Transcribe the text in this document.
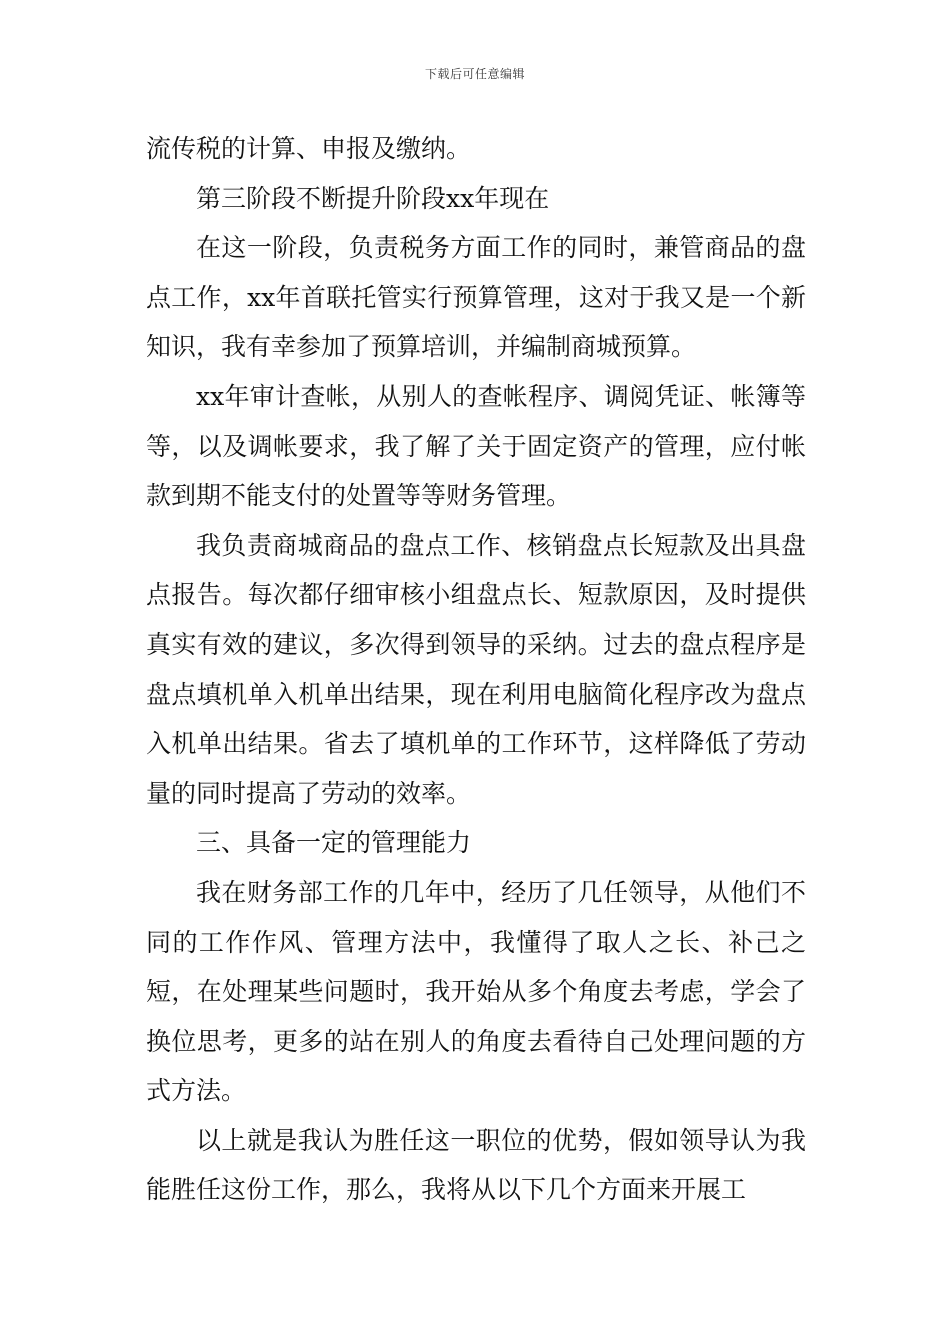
下载后可任意编辑

流传税的计算、申报及缴纳。

第三阶段不断提升阶段xx年现在

在这一阶段，负责税务方面工作的同时，兼管商品的盘点工作，xx年首联托管实行预算管理，这对于我又是一个新知识，我有幸参加了预算培训，并编制商城预算。

xx年审计查帐，从别人的查帐程序、调阅凭证、帐簿等等，以及调帐要求，我了解了关于固定资产的管理，应付帐款到期不能支付的处置等等财务管理。

我负责商城商品的盘点工作、核销盘点长短款及出具盘点报告。每次都仔细审核小组盘点长、短款原因，及时提供真实有效的建议，多次得到领导的采纳。过去的盘点程序是盘点填机单入机单出结果，现在利用电脑简化程序改为盘点入机单出结果。省去了填机单的工作环节，这样降低了劳动量的同时提高了劳动的效率。

三、具备一定的管理能力

我在财务部工作的几年中，经历了几任领导，从他们不同的工作作风、管理方法中，我懂得了取人之长、补己之短，在处理某些问题时，我开始从多个角度去考虑，学会了换位思考，更多的站在别人的角度去看待自己处理问题的方式方法。

以上就是我认为胜任这一职位的优势，假如领导认为我能胜任这份工作，那么，我将从以下几个方面来开展工
